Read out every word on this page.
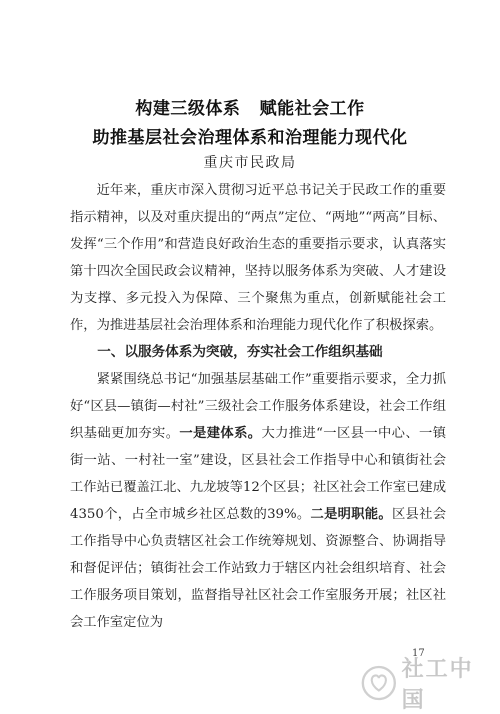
构建三级体系   赋能社会工作
助推基层社会治理体系和治理能力现代化
重庆市民政局

近年来，重庆市深入贯彻习近平总书记关于民政工作的重要指示精神，以及对重庆提出的“两点”定位、“两地”“两高”目标、发挥“三个作用”和营造良好政治生态的重要指示要求，认真落实第十四次全国民政会议精神，坚持以服务体系为突破、人才建设为支撑、多元投入为保障、三个聚焦为重点，创新赋能社会工作，为推进基层社会治理体系和治理能力现代化作了积极探索。

一、以服务体系为突破，夯实社会工作组织基础

紧紧围绕总书记“加强基层基础工作”重要指示要求，全力抓好“区县—镇街—村社”三级社会工作服务体系建设，社会工作组织基础更加夯实。一是建体系。大力推进“一区县一中心、一镇街一站、一村社一室”建设，区县社会工作指导中心和镇街社会工作站已覆盖江北、九龙坡等12个区县；社区社会工作室已建成4350个，占全市城乡社区总数的39%。二是明职能。区县社会工作指导中心负责辖区社会工作统筹规划、资源整合、协调指导和督促评估；镇街社会工作站致力于辖区内社会组织培育、社会工作服务项目策划，监督指导社区社会工作室服务开展；社区社会工作室定位为

17
社工中国
